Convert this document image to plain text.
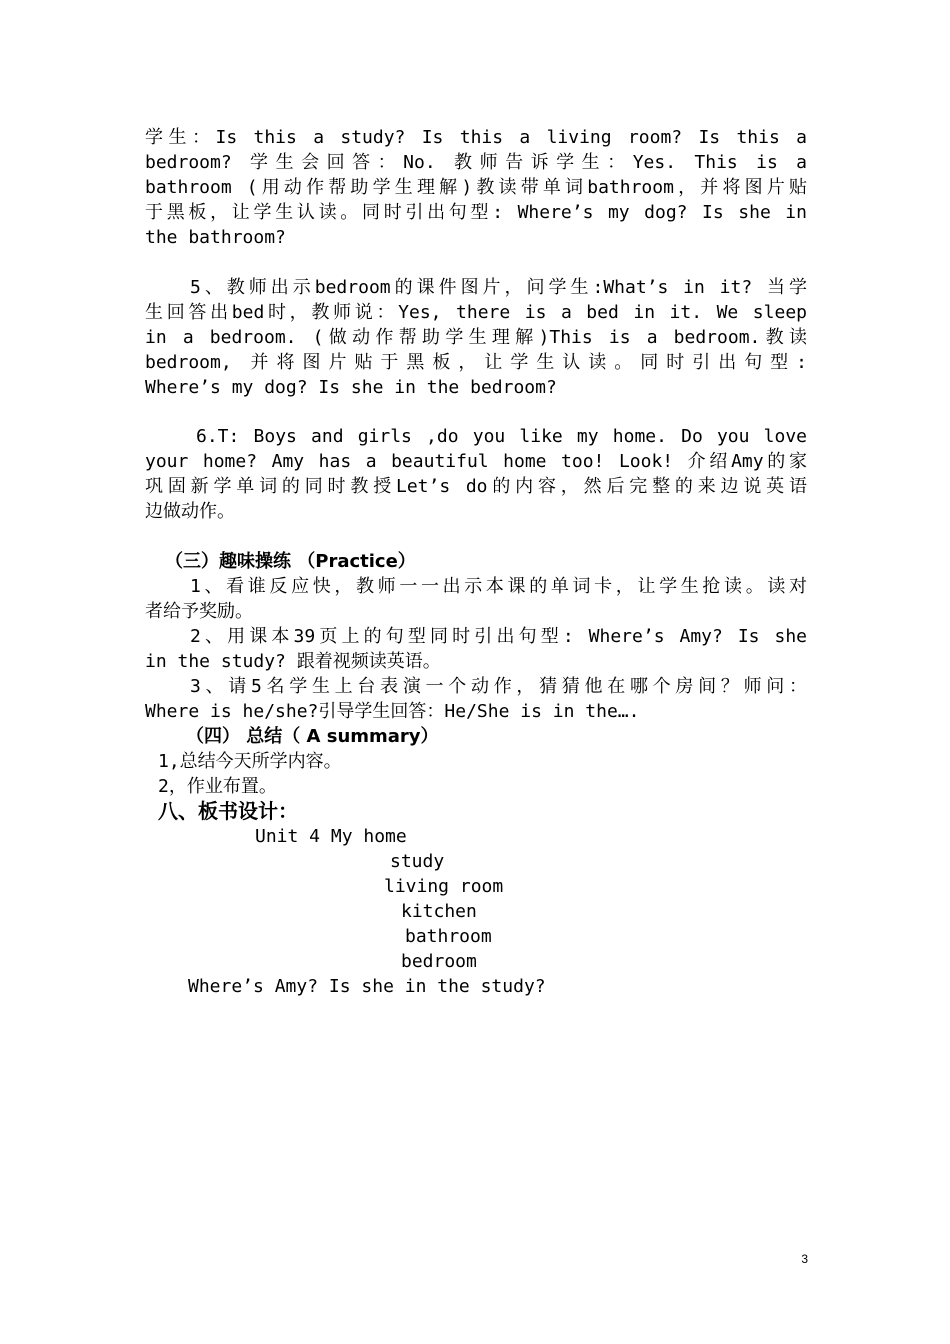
学生：Is this a study? Is this a living room? Is this a
bedroom? 学生会回答：No. 教师告诉学生：Yes. This is a
bathroom (用动作帮助学生理解)教读带单词bathroom，并将图片贴
于黑板，让学生认读。同时引出句型: Where’s my dog? Is she in
the bathroom?
5、教师出示bedroom的课件图片，问学生:What’s in it? 当学
生回答出bed时，教师说：Yes, there is a bed in it. We sleep
in a bedroom. (做动作帮助学生理解)This is a bedroom.教读
bedroom, 并将图片贴于黑板，让学生认读。同时引出句型:
Where’s my dog? Is she in the bedroom?
6.T: Boys and girls ,do you like my home. Do you love
your home? Amy has a beautiful home too! Look! 介绍Amy的家
巩固新学单词的同时教授Let’s do的内容，然后完整的来边说英语
边做动作。
（三）趣味操练 （Practice）
1、看谁反应快，教师一一出示本课的单词卡，让学生抢读。读对
者给予奖励。
2、用课本39页上的句型同时引出句型: Where’s Amy? Is she
in the study? 跟着视频读英语。
3、请5名学生上台表演一个动作，猜猜他在哪个房间？师问：
Where is he/she?引导学生回答：He/She is in the….
（四） 总结（ A summary）
1,总结今天所学内容。
2，作业布置。
八、板书设计：
Unit 4 My home
study
living room
kitchen
bathroom
bedroom
Where’s Amy? Is she in the study?
3
